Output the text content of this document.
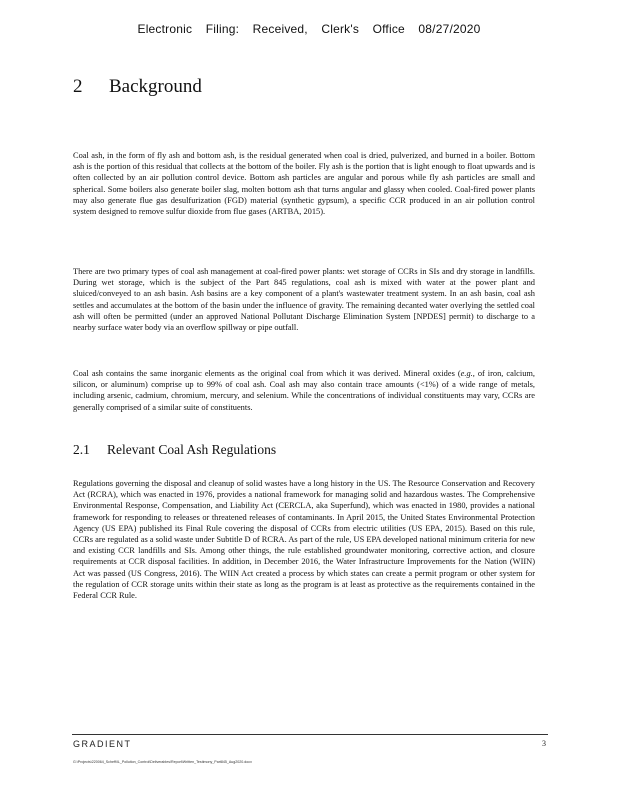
Electronic Filing: Received, Clerk's Office 08/27/2020
2 Background

Coal ash, in the form of fly ash and bottom ash, is the residual generated when coal is dried, pulverized, and burned in a boiler. Bottom ash is the portion of this residual that collects at the bottom of the boiler. Fly ash is the portion that is light enough to float upwards and is often collected by an air pollution control device. Bottom ash particles are angular and porous while fly ash particles are small and spherical. Some boilers also generate boiler slag, molten bottom ash that turns angular and glassy when cooled. Coal-fired power plants may also generate flue gas desulfurization (FGD) material (synthetic gypsum), a specific CCR produced in an air pollution control system designed to remove sulfur dioxide from flue gases (ARTBA, 2015).

There are two primary types of coal ash management at coal-fired power plants: wet storage of CCRs in SIs and dry storage in landfills. During wet storage, which is the subject of the Part 845 regulations, coal ash is mixed with water at the power plant and sluiced/conveyed to an ash basin. Ash basins are a key component of a plant's wastewater treatment system. In an ash basin, coal ash settles and accumulates at the bottom of the basin under the influence of gravity. The remaining decanted water overlying the settled coal ash will often be permitted (under an approved National Pollutant Discharge Elimination System [NPDES] permit) to discharge to a nearby surface water body via an overflow spillway or pipe outfall.

Coal ash contains the same inorganic elements as the original coal from which it was derived. Mineral oxides (e.g., of iron, calcium, silicon, or aluminum) comprise up to 99% of coal ash. Coal ash may also contain trace amounts (<1%) of a wide range of metals, including arsenic, cadmium, chromium, mercury, and selenium. While the concentrations of individual constituents may vary, CCRs are generally comprised of a similar suite of constituents.

2.1 Relevant Coal Ash Regulations

Regulations governing the disposal and cleanup of solid wastes have a long history in the US. The Resource Conservation and Recovery Act (RCRA), which was enacted in 1976, provides a national framework for managing solid and hazardous wastes. The Comprehensive Environmental Response, Compensation, and Liability Act (CERCLA, aka Superfund), which was enacted in 1980, provides a national framework for responding to releases or threatened releases of contaminants. In April 2015, the United States Environmental Protection Agency (US EPA) published its Final Rule covering the disposal of CCRs from electric utilities (US EPA, 2015). Based on this rule, CCRs are regulated as a solid waste under Subtitle D of RCRA. As part of the rule, US EPA developed national minimum criteria for new and existing CCR landfills and SIs. Among other things, the rule established groundwater monitoring, corrective action, and closure requirements at CCR disposal facilities. In addition, in December 2016, the Water Infrastructure Improvements for the Nation (WIIN) Act was passed (US Congress, 2016). The WIIN Act created a process by which states can create a permit program or other system for the regulation of CCR storage units within their state as long as the program is at least as protective as the requirements contained in the Federal CCR Rule.

GRADIENT	3
G:\Projects\220064_Scheff\IL_Pollution_Control\Deliverables\Report\Written_Testimony_Part845_Aug2020.docx
